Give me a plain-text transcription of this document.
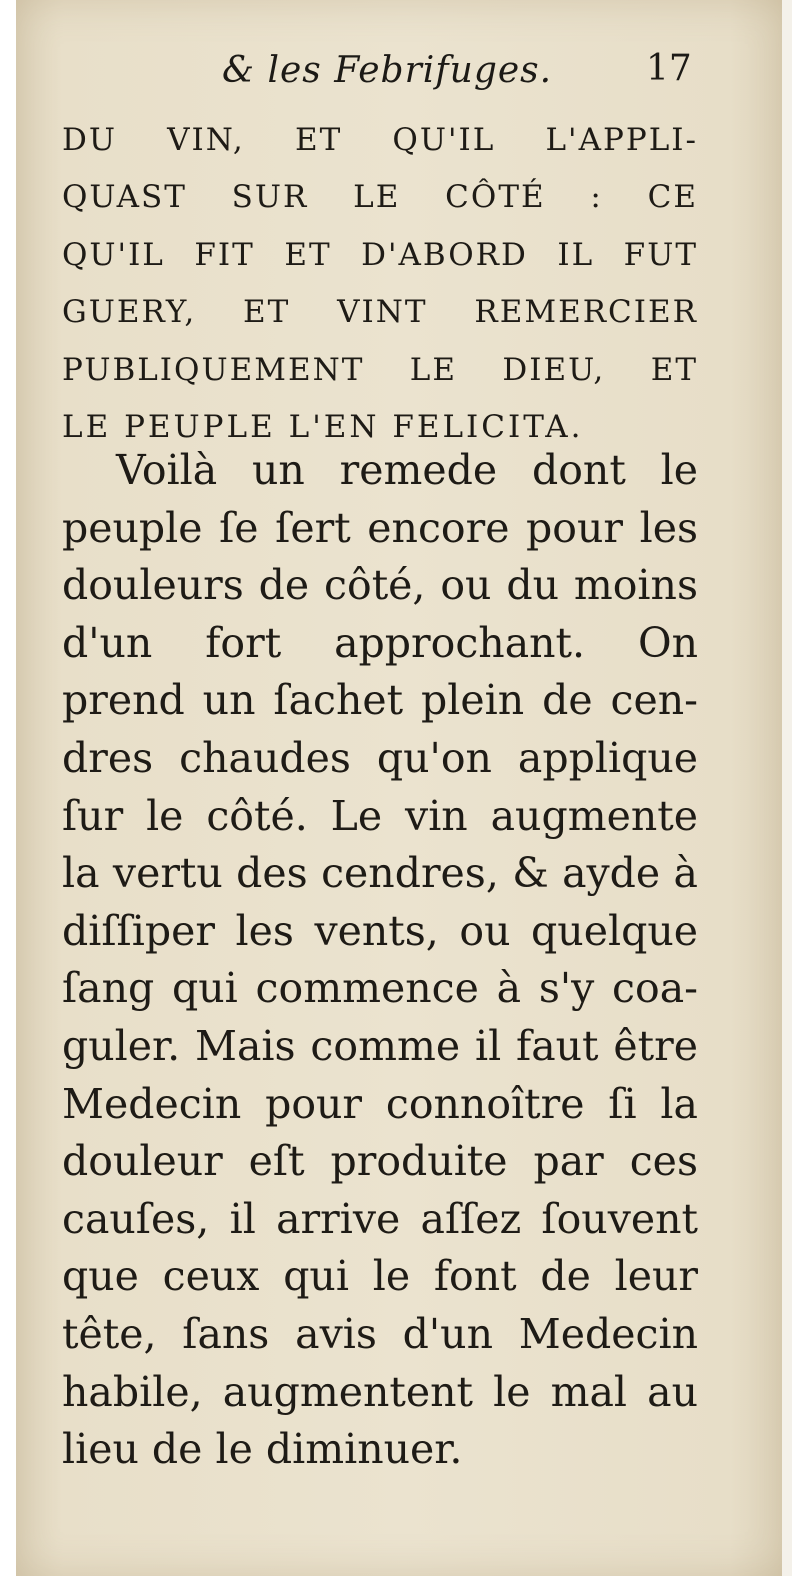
& les Febrifuges.	17
DU VIN, ET QU'IL L'APPLI-
QUAST SUR LE CÔTÉ : CE
QU'IL FIT ET D'ABORD IL FUT
GUERY, ET VINT REMERCIER
PUBLIQUEMENT LE DIEU, ET
LE PEUPLE L'EN FELICITA.
Voilà un remede dont le
peuple ſe ſert encore pour les
douleurs de côté, ou du moins
d'un fort approchant. On
prend un ſachet plein de cen-
dres chaudes qu'on applique
ſur le côté. Le vin augmente
la vertu des cendres, & ayde à
diſſiper les vents, ou quelque
ſang qui commence à s'y coa-
guler. Mais comme il faut être
Medecin pour connoître ſi la
douleur eſt produite par ces
cauſes, il arrive aſſez ſouvent
que ceux qui le font de leur
tête, ſans avis d'un Medecin
habile, augmentent le mal au
lieu de le diminuer.
